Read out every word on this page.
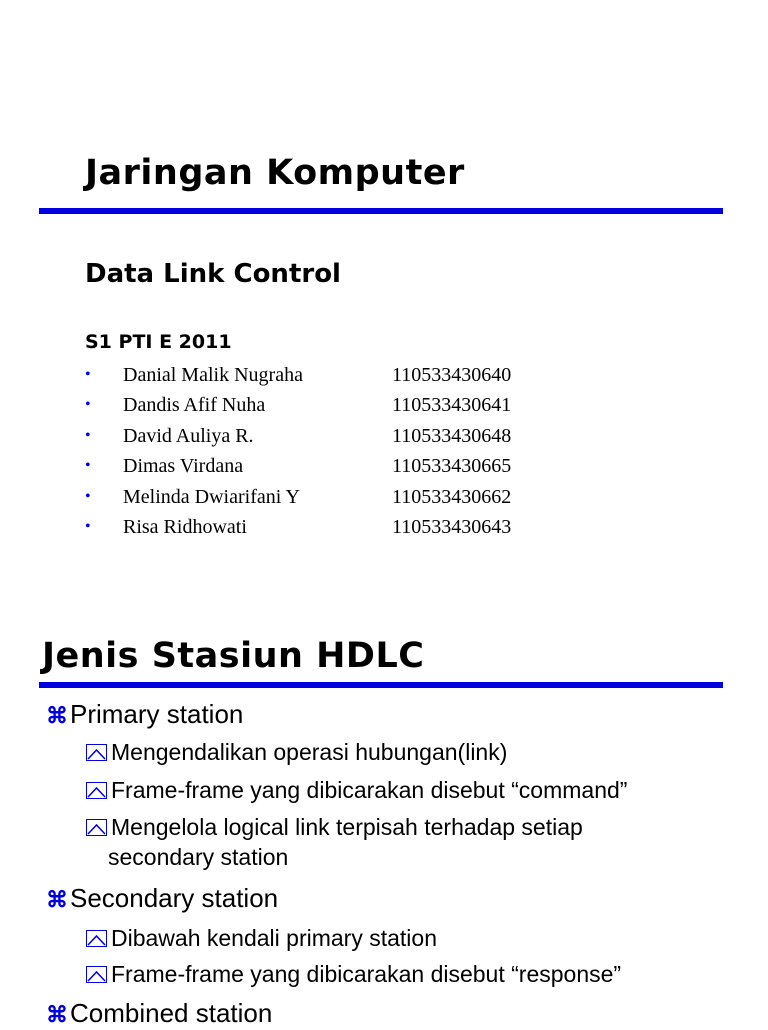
Jaringan Komputer
Data Link Control
S1 PTI E 2011
• Danial Malik Nugraha	110533430640
• Dandis Afif Nuha	110533430641
• David Auliya R.	110533430648
• Dimas Virdana	110533430665
• Melinda Dwiarifani Y	110533430662
• Risa Ridhowati	110533430643
Jenis Stasiun HDLC
⌘Primary station
Mengendalikan operasi hubungan(link)
Frame-frame yang dibicarakan disebut “command”
Mengelola logical link terpisah terhadap setiap
secondary station
⌘Secondary station
Dibawah kendali primary station
Frame-frame yang dibicarakan disebut “response”
⌘Combined station
